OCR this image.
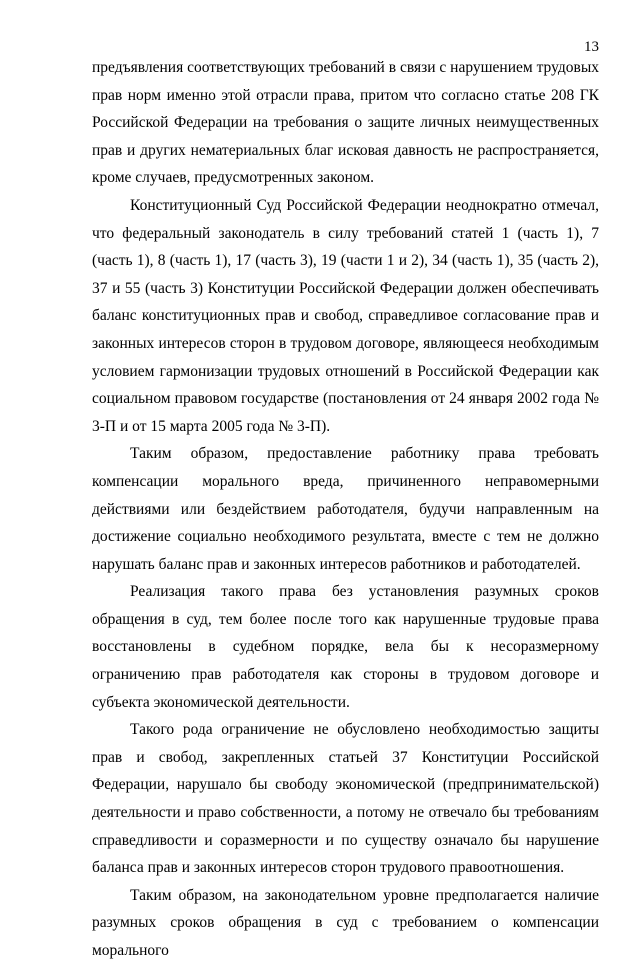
13

предъявления соответствующих требований в связи с нарушением трудовых прав норм именно этой отрасли права, притом что согласно статье 208 ГК Российской Федерации на требования о защите личных неимущественных прав и других нематериальных благ исковая давность не распространяется, кроме случаев, предусмотренных законом.

Конституционный Суд Российской Федерации неоднократно отмечал, что федеральный законодатель в силу требований статей 1 (часть 1), 7 (часть 1), 8 (часть 1), 17 (часть 3), 19 (части 1 и 2), 34 (часть 1), 35 (часть 2), 37 и 55 (часть 3) Конституции Российской Федерации должен обеспечивать баланс конституционных прав и свобод, справедливое согласование прав и законных интересов сторон в трудовом договоре, являющееся необходимым условием гармонизации трудовых отношений в Российской Федерации как социальном правовом государстве (постановления от 24 января 2002 года № 3-П и от 15 марта 2005 года № 3-П).

Таким образом, предоставление работнику права требовать компенсации морального вреда, причиненного неправомерными действиями или бездействием работодателя, будучи направленным на достижение социально необходимого результата, вместе с тем не должно нарушать баланс прав и законных интересов работников и работодателей.

Реализация такого права без установления разумных сроков обращения в суд, тем более после того как нарушенные трудовые права восстановлены в судебном порядке, вела бы к несоразмерному ограничению прав работодателя как стороны в трудовом договоре и субъекта экономической деятельности.

Такого рода ограничение не обусловлено необходимостью защиты прав и свобод, закрепленных статьей 37 Конституции Российской Федерации, нарушало бы свободу экономической (предпринимательской) деятельности и право собственности, а потому не отвечало бы требованиям справедливости и соразмерности и по существу означало бы нарушение баланса прав и законных интересов сторон трудового правоотношения.

Таким образом, на законодательном уровне предполагается наличие разумных сроков обращения в суд с требованием о компенсации морального
